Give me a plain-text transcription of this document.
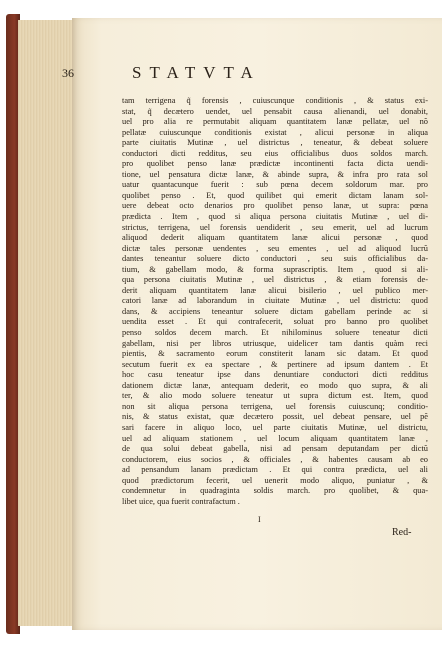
36	STATVTA
tam terrigena q̃ forensis , cuiuscunque conditionis , & status exi-
stat, q̃ decætero uendet, uel pensabit causa alienandi, uel donabit,
uel pro alia re permutabit aliquam quantitatem lanæ pellatæ, uel nõ
pellatæ cuiuscunque conditionis existat , alicui personæ in aliqua
parte ciuitatis Mutinæ , uel districtus , teneatur, & debeat soluere
conductori dicti redditus, seu eius officialibus duos soldos march.
pro quolibet penso lanæ prædictæ incontinenti facta dicta uendi-
tione, uel pensatura dictæ lanæ, & abinde supra, & infra pro rata sol
uatur quantacunque fuerit : sub pœna decem soldorum mar. pro
quolibet penso . Et, quod quilibet qui emerit dictam lanam sol-
uere debeat octo denarios pro quolibet penso lanæ, ut supra: pœna
prædicta . Item , quod si aliqua persona ciuitatis Mutinæ , uel di-
strictus, terrigena, uel forensis uendiderit , seu emerit, uel ad lucrum
aliquod dederit aliquam quantitatem lanæ alicui personæ , quod
dictæ tales personæ uendentes , seu ementes , uel ad aliquod lucrũ
dantes teneantur soluere dicto conductori , seu suis officialibus da-
tium, & gabellam modo, & forma suprascriptis. Item , quod si ali-
qua persona ciuitatis Mutinæ , uel districtus , & etiam forensis de-
derit aliquam quantitatem lanæ alicui bisilerio , uel publico mer-
catori lanæ ad laborandum in ciuitate Mutinæ , uel districtu: quod
dans, & accipiens teneantur soluere dictam gabellam perinde ac si
uendita esset . Et qui contrafecerit, soluat pro banno pro quolibet
penso soldos decem march. Et nihilominus soluere teneatur dicti
gabellam, nisi per libros utriusque, uideliceт tam dantis quàm reci
pientis, & sacramento eorum constiterit lanam sic datam. Et quod
secutum fuerit ex ea spectare , & pertinere ad ipsum dantem . Et
hoc casu teneatur ipse dans denuntiare conductori dicti redditus
dationem dictæ lanæ, antequam dederit, eo modo quo supra, & ali
ter, & alio modo soluere teneatur ut supra dictum est. Item, quod
non sit aliqua persona terrigena, uel forensis cuiuscunq; conditio-
nis, & status existat, quæ decætero possit, uel debeat pensare, uel pẽ
sari facere in aliquo loco, uel parte ciuitatis Mutinæ, uel districtu,
uel ad aliquam stationem , uel locum aliquam quantitatem lanæ ,
de qua solui debeat gabella, nisi ad pensam deputandam per dictũ
conductorem, eius socios , & officiales , & habentes causam ab eo
ad pensandum lanam prædictam . Et qui contra prædicta, uel ali
quod prædictorum fecerit, uel uenerit modo aliquo, puniatur , &
condemnetur in quadraginta soldis march. pro quolibet, & qua-
libet uice, qua fuerit contrafactum .
I
Red-
